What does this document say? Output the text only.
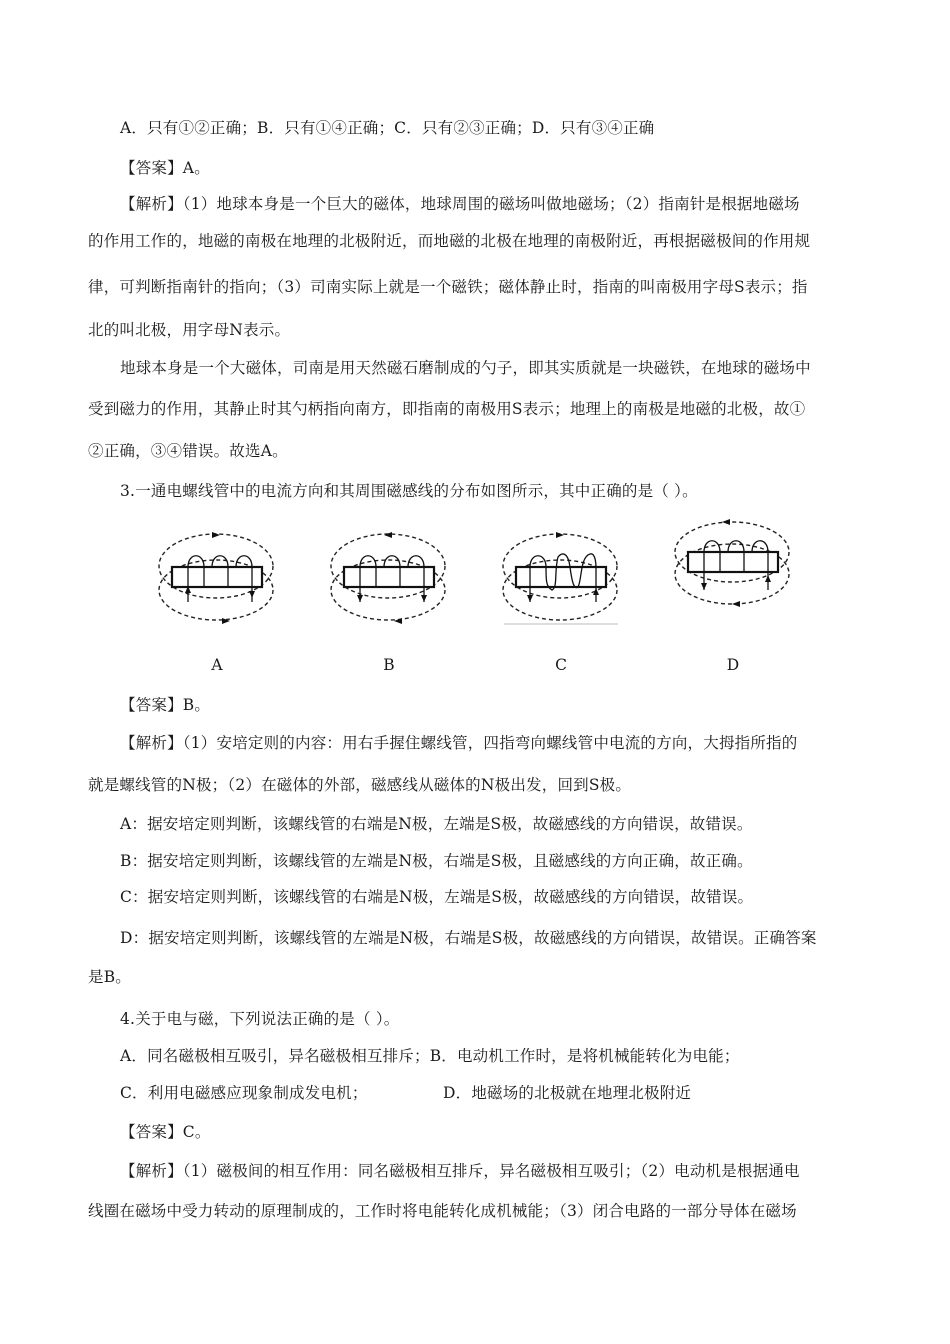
A．只有①②正确；B．只有①④正确；C．只有②③正确；D．只有③④正确
【答案】A。
【解析】（1）地球本身是一个巨大的磁体，地球周围的磁场叫做地磁场；（2）指南针是根据地磁场
的作用工作的，地磁的南极在地理的北极附近，而地磁的北极在地理的南极附近，再根据磁极间的作用规
律，可判断指南针的指向；（3）司南实际上就是一个磁铁；磁体静止时，指南的叫南极用字母S表示；指
北的叫北极，用字母N表示。
地球本身是一个大磁体，司南是用天然磁石磨制成的勺子，即其实质就是一块磁铁，在地球的磁场中
受到磁力的作用，其静止时其勺柄指向南方，即指南的南极用S表示；地理上的南极是地磁的北极，故①
②正确，③④错误。故选A。
3.一通电螺线管中的电流方向和其周围磁感线的分布如图所示，其中正确的是（ ）。
A	B	C	D
【答案】B。
【解析】（1）安培定则的内容：用右手握住螺线管，四指弯向螺线管中电流的方向，大拇指所指的
就是螺线管的N极；（2）在磁体的外部，磁感线从磁体的N极出发，回到S极。
A：据安培定则判断，该螺线管的右端是N极，左端是S极，故磁感线的方向错误，故错误。
B：据安培定则判断，该螺线管的左端是N极，右端是S极，且磁感线的方向正确，故正确。
C：据安培定则判断，该螺线管的右端是N极，左端是S极，故磁感线的方向错误，故错误。
D：据安培定则判断，该螺线管的左端是N极，右端是S极，故磁感线的方向错误，故错误。正确答案
是B。
4.关于电与磁，下列说法正确的是（ ）。
A．同名磁极相互吸引，异名磁极相互排斥；B．电动机工作时，是将机械能转化为电能；
C．利用电磁感应现象制成发电机；	D．地磁场的北极就在地理北极附近
【答案】C。
【解析】（1）磁极间的相互作用：同名磁极相互排斥，异名磁极相互吸引；（2）电动机是根据通电
线圈在磁场中受力转动的原理制成的，工作时将电能转化成机械能；（3）闭合电路的一部分导体在磁场
